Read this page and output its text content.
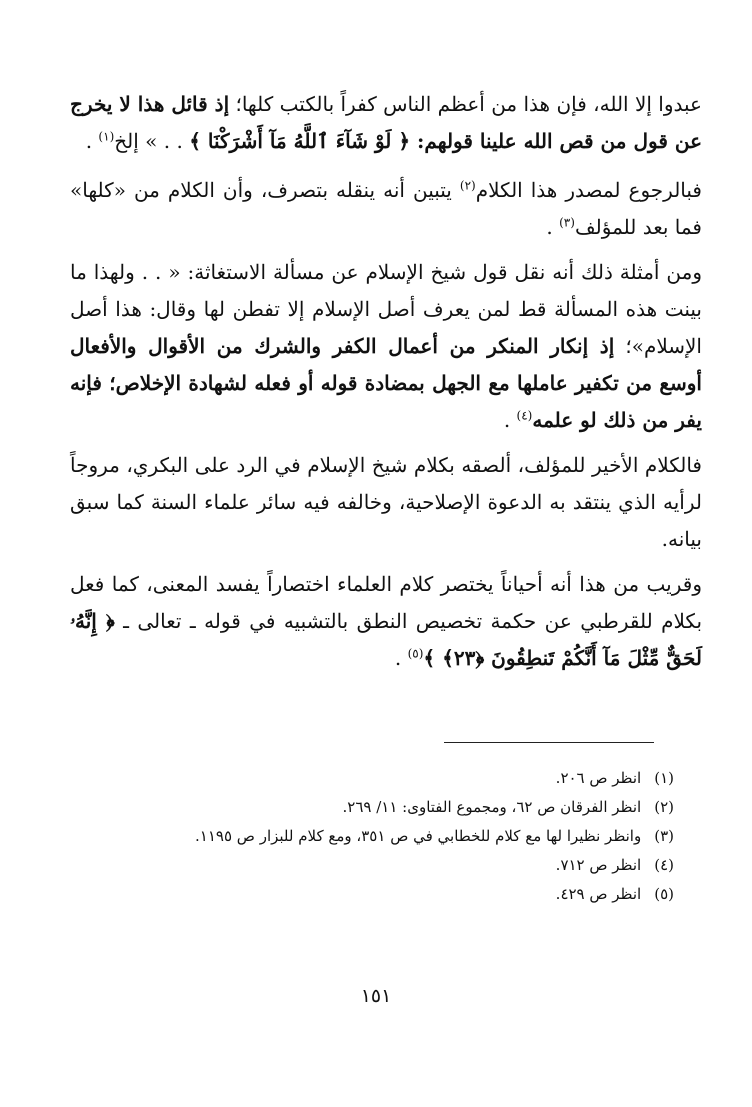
عبدوا إلا الله، فإن هذا من أعظم الناس كفراً بالكتب كلها؛ إذ قائل هذا لا يخرج عن قول من قص الله علينا قولهم: ﴿ لَوْ شَآءَ ٱللَّهُ مَآ أَشْرَكْنَا ﴾ . . » إلخ$^{(١)}$ .

فبالرجوع لمصدر هذا الكلام$^{(٢)}$ يتبين أنه ينقله بتصرف، وأن الكلام من «كلها» فما بعد للمؤلف$^{(٣)}$ .

ومن أمثلة ذلك أنه نقل قول شيخ الإسلام عن مسألة الاستغاثة: « . . ولهذا ما بينت هذه المسألة قط لمن يعرف أصل الإسلام إلا تفطن لها وقال: هذا أصل الإسلام»؛ إذ إنكار المنكر من أعمال الكفر والشرك من الأقوال والأفعال أوسع من تكفير عاملها مع الجهل بمضادة قوله أو فعله لشهادة الإخلاص؛ فإنه يفر من ذلك لو علمه$^{(٤)}$ .

فالكلام الأخير للمؤلف، ألصقه بكلام شيخ الإسلام في الرد على البكري، مروجاً لرأيه الذي ينتقد به الدعوة الإصلاحية، وخالفه فيه سائر علماء السنة كما سبق بيانه.

وقريب من هذا أنه أحياناً يختصر كلام العلماء اختصاراً يفسد المعنى، كما فعل بكلام للقرطبي عن حكمة تخصيص النطق بالتشبيه في قوله ـ تعالى ـ ﴿ إِنَّهُۥ لَحَقٌّ مِّثْلَ مَآ أَنَّكُمْ تَنطِقُونَ ﴿٢٣﴾ ﴾$^{(٥)}$ .

(١) انظر ص ٢٠٦.

(٢) انظر الفرقان ص ٦٢، ومجموع الفتاوى: ١١/ ٢٦٩.

(٣) وانظر نظيرا لها مع كلام للخطابي في ص ٣٥١، ومع كلام للبزار ص ١١٩٥.

(٤) انظر ص ٧١٢.

(٥) انظر ص ٤٢٩.

١٥١
